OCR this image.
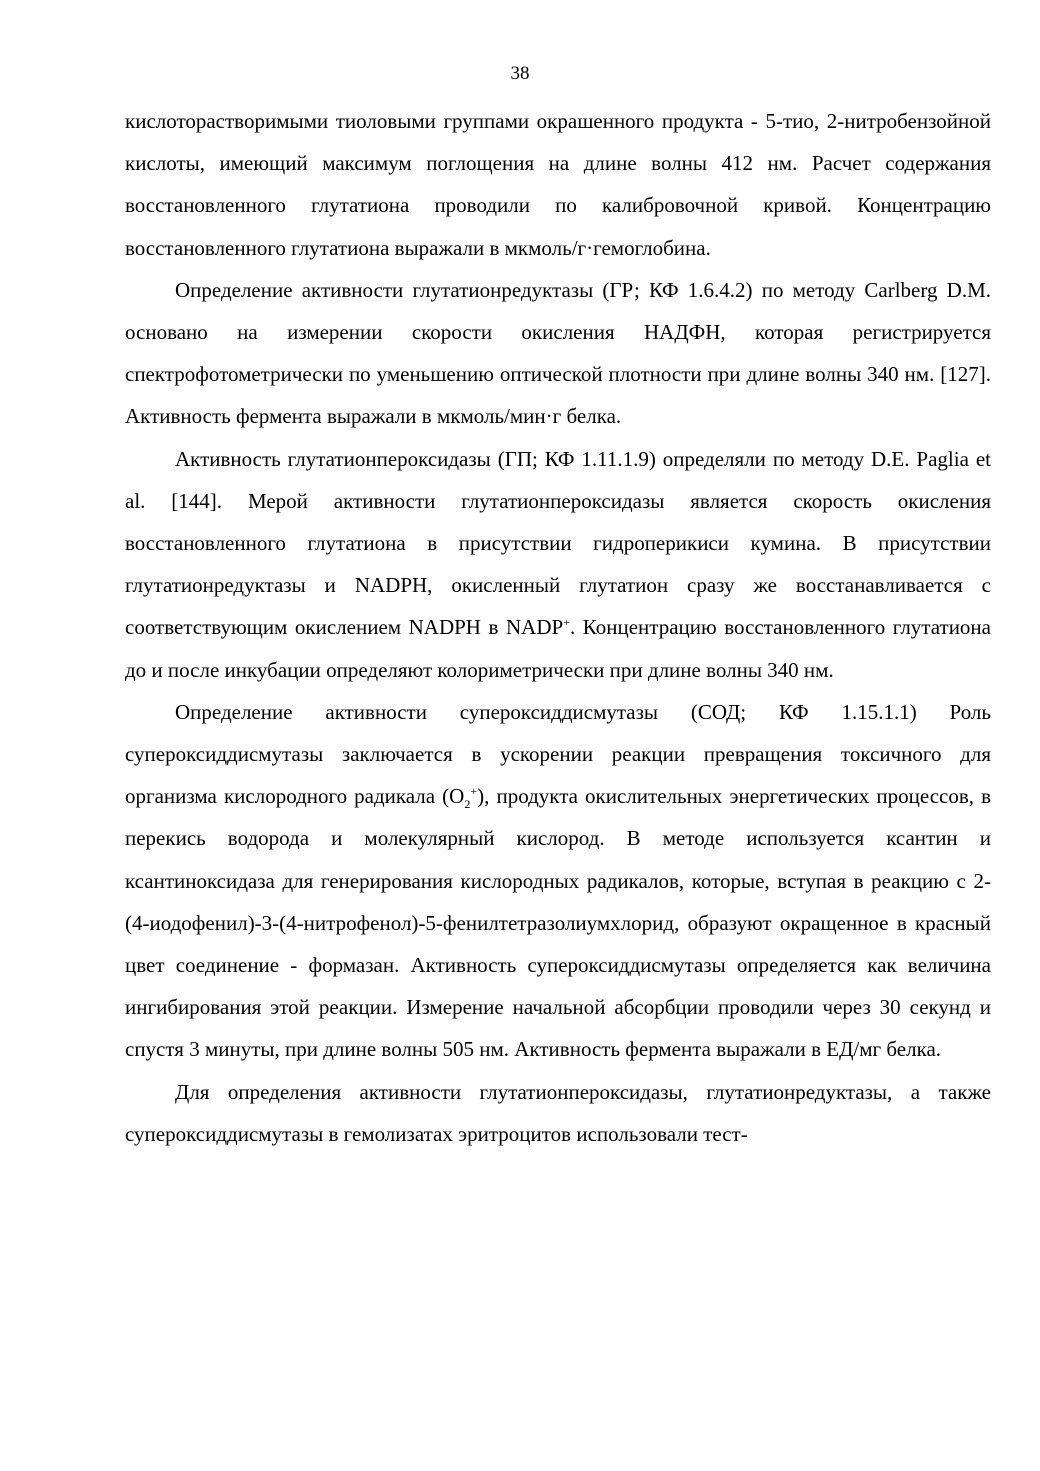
38

кислоторастворимыми тиоловыми группами окрашенного продукта - 5-тио, 2-нитробензойной кислоты, имеющий максимум поглощения на длине волны 412 нм. Расчет содержания восстановленного глутатиона проводили по калибровочной кривой. Концентрацию восстановленного глутатиона выражали в мкмоль/г·гемоглобина.

Определение активности глутатионредуктазы (ГР; КФ 1.6.4.2) по методу Carlberg D.M. основано на измерении скорости окисления НАДФН, которая регистрируется спектрофотометрически по уменьшению оптической плотности при длине волны 340 нм. [127]. Активность фермента выражали в мкмоль/мин·г белка.

Активность глутатионпероксидазы (ГП; КФ 1.11.1.9) определяли по методу D.E. Paglia et al. [144]. Мерой активности глутатионпероксидазы является скорость окисления восстановленного глутатиона в присутствии гидроперикиси кумина. В присутствии глутатионредуктазы и NADPH, окисленный глутатион сразу же восстанавливается с соответствующим окислением NADPH в NADP+. Концентрацию восстановленного глутатиона до и после инкубации определяют колориметрически при длине волны 340 нм.

Определение активности супероксиддисмутазы (СОД; КФ 1.15.1.1) Роль супероксиддисмутазы заключается в ускорении реакции превращения токсичного для организма кислородного радикала $(O_2^+)$, продукта окислительных энергетических процессов, в перекись водорода и молекулярный кислород. В методе используется ксантин и ксантиноксидаза для генерирования кислородных радикалов, которые, вступая в реакцию с 2-(4-иодофенил)-3-(4-нитрофенол)-5-фенилтетразолиумхлорид, образуют окращенное в красный цвет соединение - формазан. Активность супероксиддисмутазы определяется как величина ингибирования этой реакции. Измерение начальной абсорбции проводили через 30 секунд и спустя 3 минуты, при длине волны 505 нм. Активность фермента выражали в ЕД/мг белка.

Для определения активности глутатионпероксидазы, глутатионредуктазы, а также супероксиддисмутазы в гемолизатах эритроцитов использовали тест-
